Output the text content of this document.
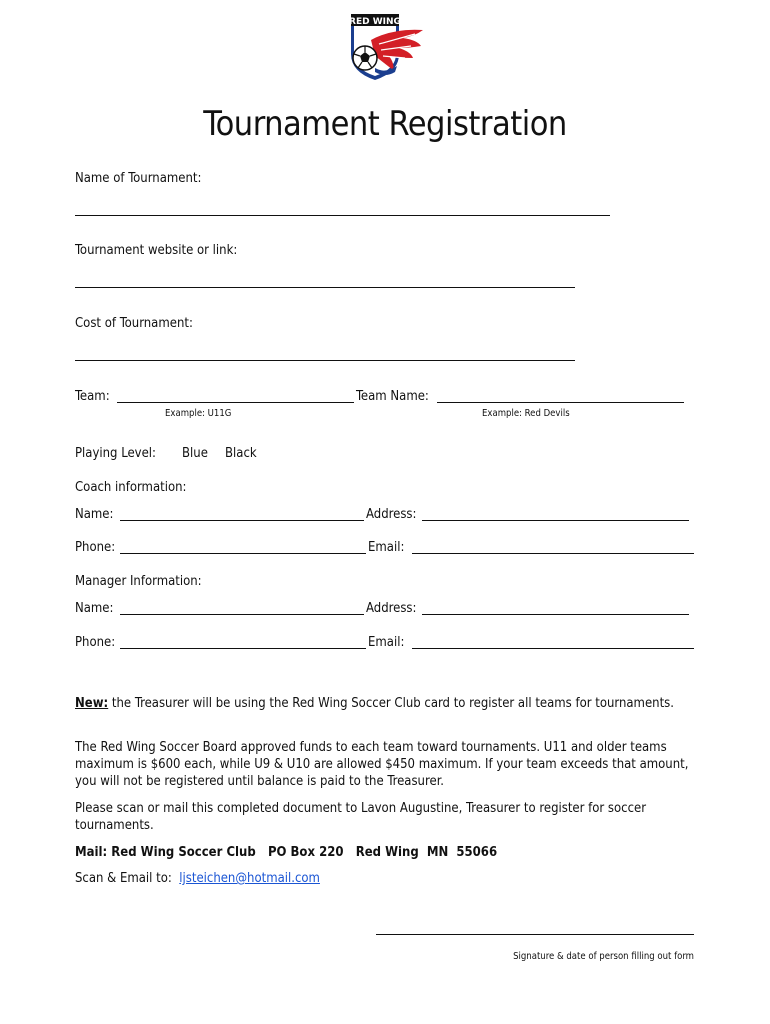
RED WING
Tournament Registration
Name of Tournament:
Tournament website or link:
Cost of Tournament:
Team:	Team Name:
Example: U11G	Example: Red Devils
Playing Level: Blue Black
Coach information:
Name:	Address:
Phone:	Email:
Manager Information:
Name:	Address:
Phone:	Email:
New: the Treasurer will be using the Red Wing Soccer Club card to register all teams for tournaments.
The Red Wing Soccer Board approved funds to each team toward tournaments. U11 and older teams maximum is $600 each, while U9 & U10 are allowed $450 maximum. If your team exceeds that amount, you will not be registered until balance is paid to the Treasurer.
Please scan or mail this completed document to Lavon Augustine, Treasurer to register for soccer tournaments.
Mail: Red Wing Soccer Club   PO Box 220   Red Wing  MN  55066
Scan & Email to: ljsteichen@hotmail.com
Signature & date of person filling out form
